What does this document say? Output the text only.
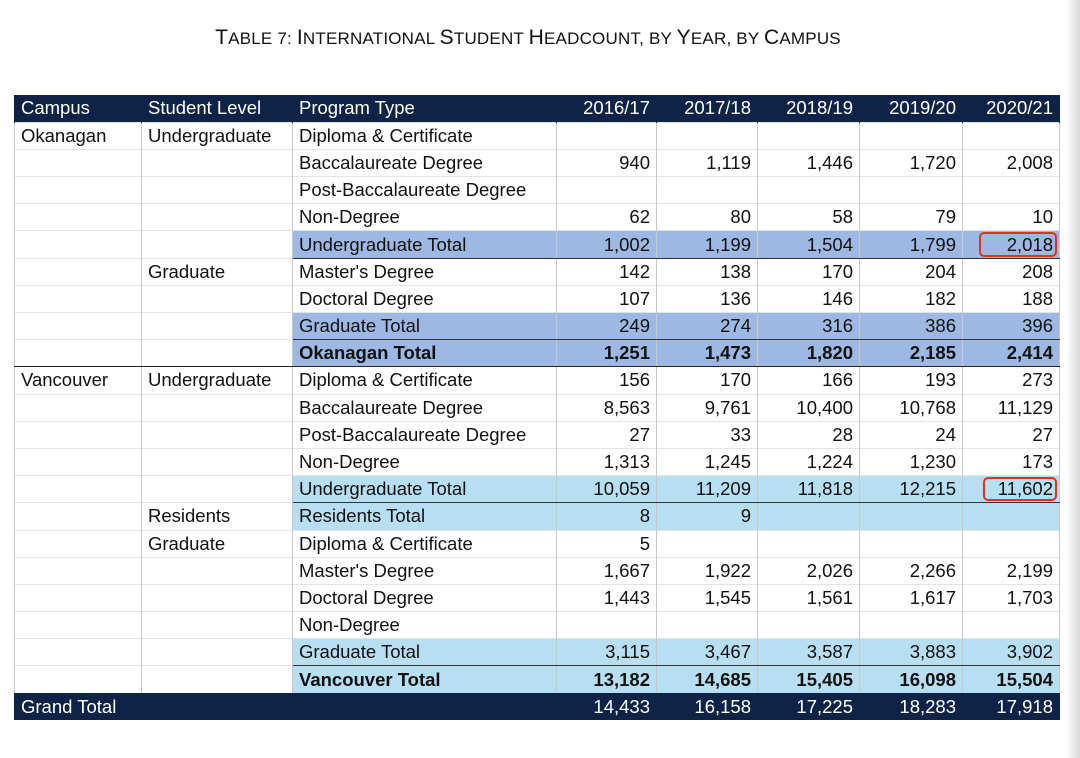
TABLE 7: INTERNATIONAL STUDENT HEADCOUNT, BY YEAR, BY CAMPUS
Campus	Student Level	Program Type	2016/17	2017/18	2018/19	2019/20	2020/21
Okanagan	Undergraduate	Diploma & Certificate					
		Baccalaureate Degree	940	1,119	1,446	1,720	2,008
		Post-Baccalaureate Degree					
		Non-Degree	62	80	58	79	10
		Undergraduate Total	1,002	1,199	1,504	1,799	2,018

	Graduate	Master's Degree	142	138	170	204	208
		Doctoral Degree	107	136	146	182	188
		Graduate Total	249	274	316	386	396
		Okanagan Total	1,251	1,473	1,820	2,185	2,414
Vancouver	Undergraduate	Diploma & Certificate	156	170	166	193	273
		Baccalaureate Degree	8,563	9,761	10,400	10,768	11,129
		Post-Baccalaureate Degree	27	33	28	24	27
		Non-Degree	1,313	1,245	1,224	1,230	173
		Undergraduate Total	10,059	11,209	11,818	12,215	11,602

	Residents	Residents Total	8	9			
	Graduate	Diploma & Certificate	5				
		Master's Degree	1,667	1,922	2,026	2,266	2,199
		Doctoral Degree	1,443	1,545	1,561	1,617	1,703
		Non-Degree					
		Graduate Total	3,115	3,467	3,587	3,883	3,902
		Vancouver Total	13,182	14,685	15,405	16,098	15,504
Grand Total			14,433	16,158	17,225	18,283	17,918
